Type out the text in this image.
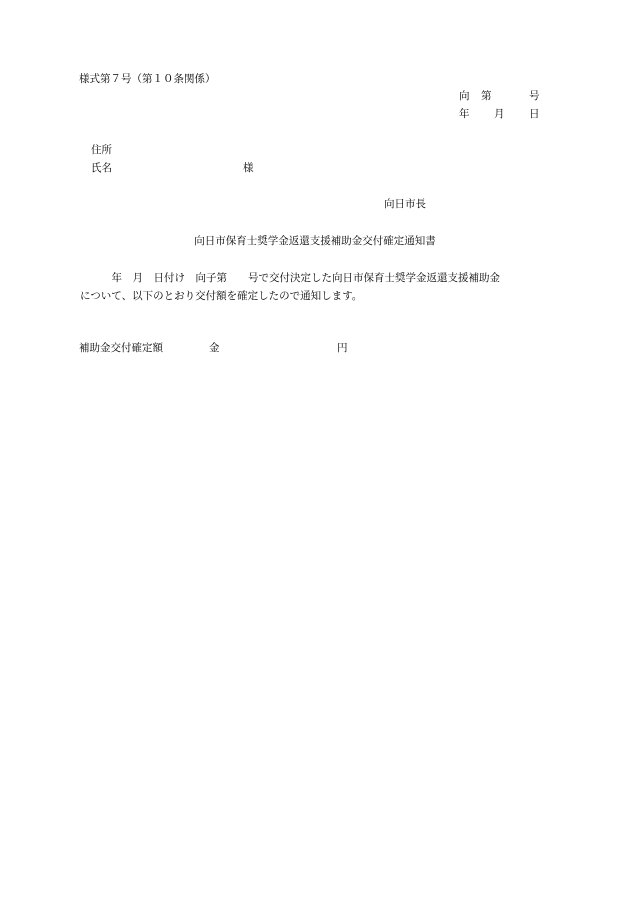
様式第７号（第１０条関係）
向 第	号
年 月 日
住所
氏名	様
向日市長
向日市保育士奨学金返還支援補助金交付確定通知書
　　　年　月　日付け　向子第　　号で交付決定した向日市保育士奨学金返還支援補助金
について、以下のとおり交付額を確定したので通知します。
補助金交付確定額	金	円
